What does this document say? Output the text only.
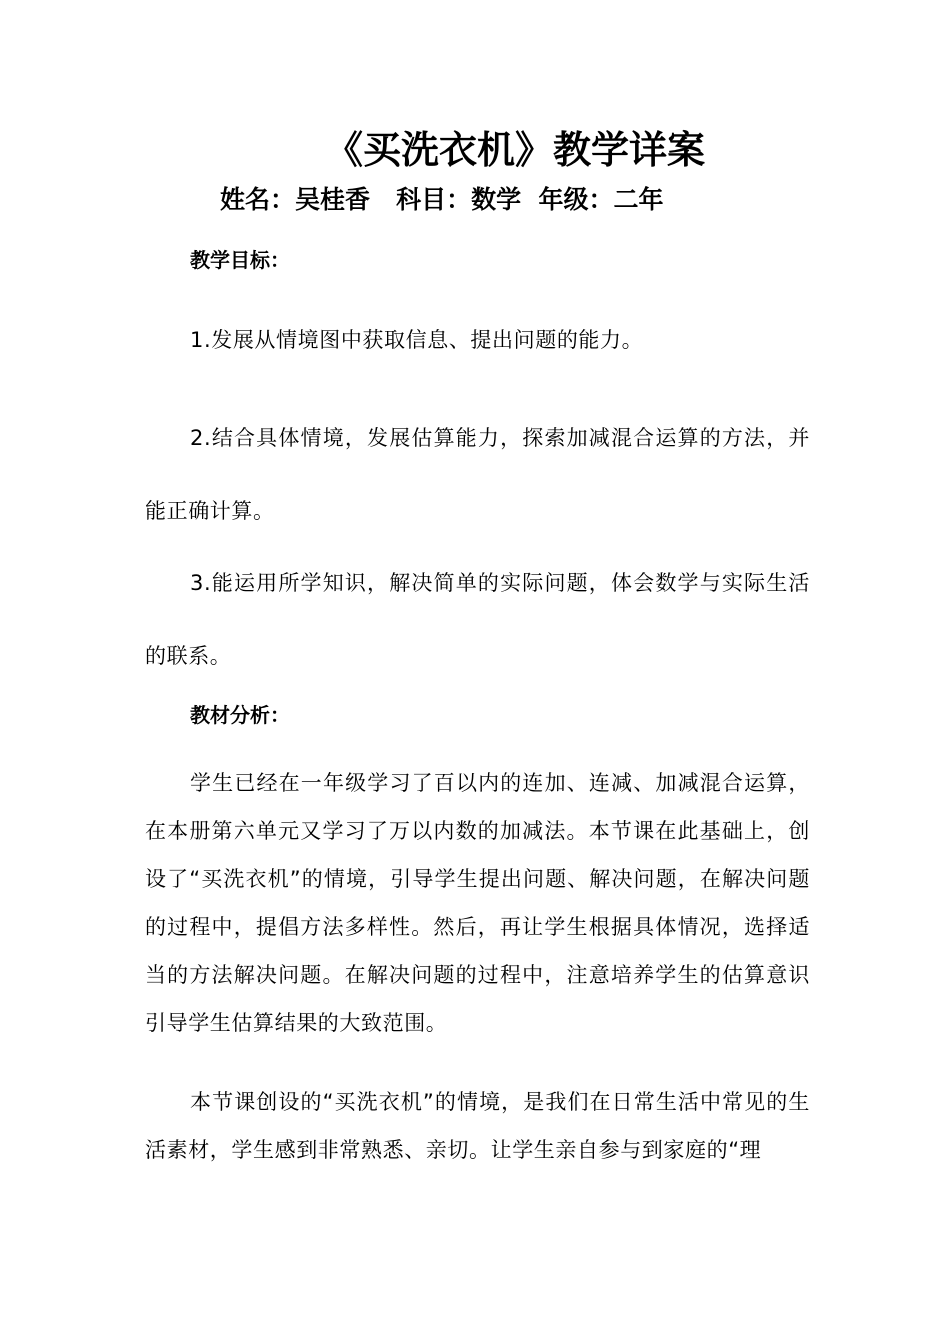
《买洗衣机》教学详案
姓名：吴桂香   科目：数学  年级：二年
教学目标：

1.发展从情境图中获取信息、提出问题的能力。

2.结合具体情境，发展估算能力，探索加减混合运算的方法，并能正确计算。

3.能运用所学知识，解决简单的实际问题，体会数学与实际生活的联系。

教材分析：

学生已经在一年级学习了百以内的连加、连减、加减混合运算，在本册第六单元又学习了万以内数的加减法。本节课在此基础上，创设了“买洗衣机”的情境，引导学生提出问题、解决问题，在解决问题的过程中，提倡方法多样性。然后，再让学生根据具体情况，选择适当的方法解决问题。在解决问题的过程中，注意培养学生的估算意识引导学生估算结果的大致范围。

本节课创设的“买洗衣机”的情境，是我们在日常生活中常见的生活素材，学生感到非常熟悉、亲切。让学生亲自参与到家庭的“理
